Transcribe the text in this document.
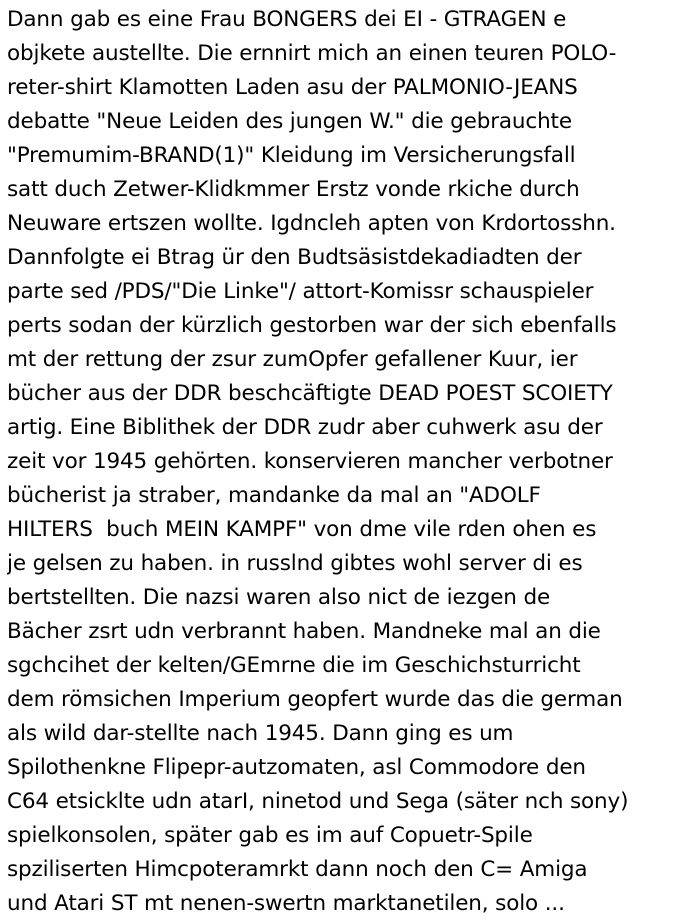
Dann gab es eine Frau BONGERS dei EI - GTRAGEN e
objkete austellte. Die ernnirt mich an einen teuren POLO-
reter-shirt Klamotten Laden asu der PALMONIO-JEANS
debatte "Neue Leiden des jungen W." die gebrauchte
"Premumim-BRAND(1)" Kleidung im Versicherungsfall
satt duch Zetwer-Klidkmmer Erstz vonde rkiche durch
Neuware ertszen wollte. Igdncleh apten von Krdortosshn.
Dannfolgte ei Btrag ür den Budtsäsistdekadiadten der
parte sed /PDS/"Die Linke"/ attort-Komissr schauspieler
perts sodan der kürzlich gestorben war der sich ebenfalls
mt der rettung der zsur zumOpfer gefallener Kuur, ier
bücher aus der DDR beschcäftigte DEAD POEST SCOIETY
artig. Eine Biblithek der DDR zudr aber cuhwerk asu der
zeit vor 1945 gehörten. konservieren mancher verbotner
bücherist ja straber, mandanke da mal an "ADOLF
HILTERS  buch MEIN KAMPF" von dme vile rden ohen es
je gelsen zu haben. in russlnd gibtes wohl server di es
bertstellten. Die nazsi waren also nict de iezgen de
Bächer zsrt udn verbrannt haben. Mandneke mal an die
sgchcihet der kelten/GEmrne die im Geschichsturricht
dem römsichen Imperium geopfert wurde das die german
als wild dar-stellte nach 1945. Dann ging es um
Spilothenkne Flipepr-autzomaten, asl Commodore den
C64 etsicklte udn atarI, ninetod und Sega (säter nch sony)
spielkonsolen, später gab es im auf Copuetr-Spile
spziliserten Himcpoteramrkt dann noch den C= Amiga
und Atari ST mt nenen-swertn marktanetilen, solo ...
